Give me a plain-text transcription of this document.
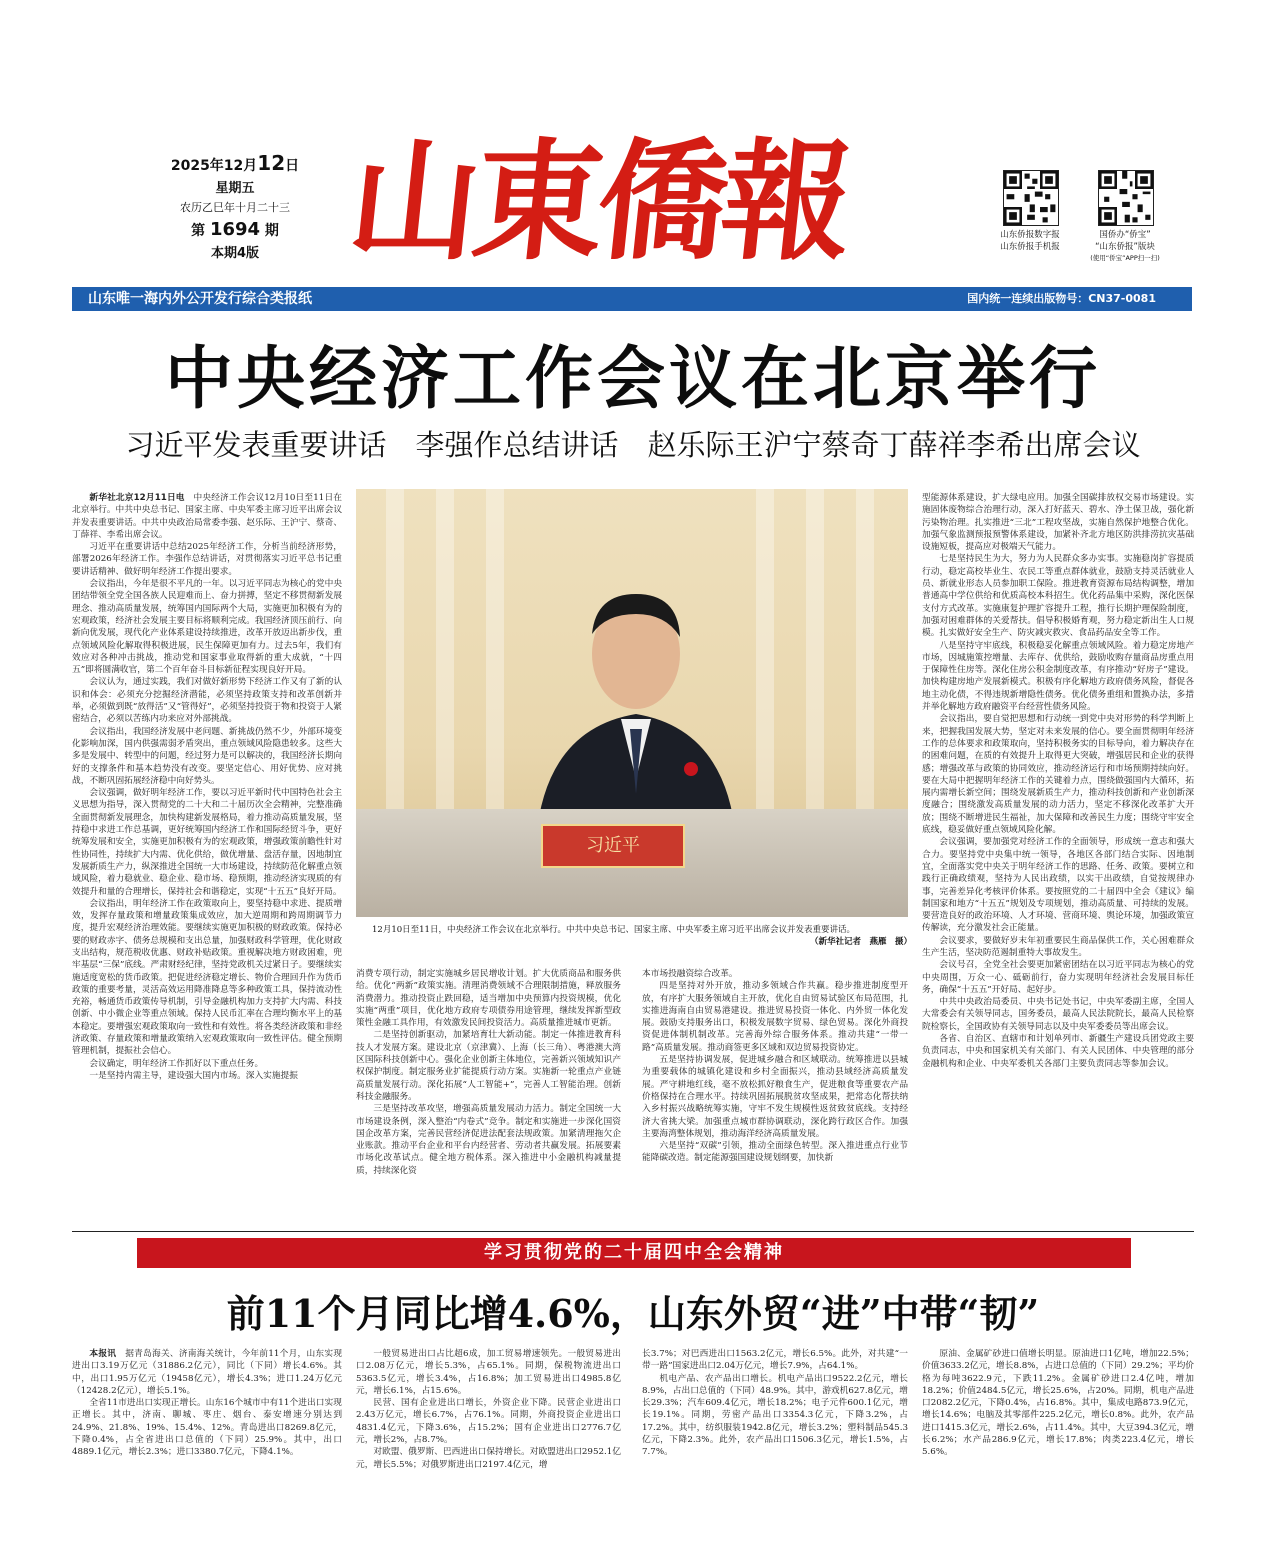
2025年12月12日
星期五
农历乙巳年十月二十三
第 1694 期
本期4版 山東僑報	山东侨报数字报
山东侨报手机报
国侨办“侨宝”
“山东侨报”版块
(使用“侨宝”APP扫一扫)
山东唯一海内外公开发行综合类报纸	国内统一连续出版物号：CN37-0081
中央经济工作会议在北京举行
习近平发表重要讲话　李强作总结讲话　赵乐际王沪宁蔡奇丁薛祥李希出席会议

新华社北京12月11日电　 中央经济工作会议12月10日至11日在北京举行。中共中央总书记、国家主席、中央军委主席习近平出席会议并发表重要讲话。中共中央政治局常委李强、赵乐际、王沪宁、蔡奇、丁薛祥、李希出席会议。

习近平在重要讲话中总结2025年经济工作，分析当前经济形势，部署2026年经济工作。李强作总结讲话，对贯彻落实习近平总书记重要讲话精神、做好明年经济工作提出要求。

会议指出，今年是很不平凡的一年。以习近平同志为核心的党中央团结带领全党全国各族人民迎难而上、奋力拼搏，坚定不移贯彻新发展理念、推动高质量发展，统筹国内国际两个大局，实施更加积极有为的宏观政策，经济社会发展主要目标将顺利完成。我国经济顶压前行、向新向优发展，现代化产业体系建设持续推进，改革开放迈出新步伐，重点领域风险化解取得积极进展，民生保障更加有力。过去5年，我们有效应对各种冲击挑战，推动党和国家事业取得新的重大成就，“十四五”即将圆满收官，第二个百年奋斗目标新征程实现良好开局。

会议认为，通过实践，我们对做好新形势下经济工作又有了新的认识和体会：必须充分挖掘经济潜能，必须坚持政策支持和改革创新并举，必须做到既“放得活”又“管得好”，必须坚持投资于物和投资于人紧密结合，必须以苦练内功来应对外部挑战。

会议指出，我国经济发展中老问题、新挑战仍然不少，外部环境变化影响加深，国内供强需弱矛盾突出，重点领域风险隐患较多。这些大多是发展中、转型中的问题，经过努力是可以解决的，我国经济长期向好的支撑条件和基本趋势没有改变。要坚定信心、用好优势、应对挑战，不断巩固拓展经济稳中向好势头。

会议强调，做好明年经济工作，要以习近平新时代中国特色社会主义思想为指导，深入贯彻党的二十大和二十届历次全会精神，完整准确全面贯彻新发展理念，加快构建新发展格局，着力推动高质量发展，坚持稳中求进工作总基调，更好统筹国内经济工作和国际经贸斗争，更好统筹发展和安全，实施更加积极有为的宏观政策，增强政策前瞻性针对性协同性，持续扩大内需、优化供给，做优增量、盘活存量，因地制宜发展新质生产力，纵深推进全国统一大市场建设，持续防范化解重点领域风险，着力稳就业、稳企业、稳市场、稳预期，推动经济实现质的有效提升和量的合理增长，保持社会和谐稳定，实现“十五五”良好开局。

会议指出，明年经济工作在政策取向上，要坚持稳中求进、提质增效，发挥存量政策和增量政策集成效应，加大逆周期和跨周期调节力度，提升宏观经济治理效能。要继续实施更加积极的财政政策。保持必要的财政赤字、债务总规模和支出总量，加强财政科学管理，优化财政支出结构，规范税收优惠、财政补贴政策。重视解决地方财政困难，兜牢基层“三保”底线。严肃财经纪律，坚持党政机关过紧日子。要继续实施适度宽松的货币政策。把促进经济稳定增长、物价合理回升作为货币政策的重要考量，灵活高效运用降准降息等多种政策工具，保持流动性充裕，畅通货币政策传导机制，引导金融机构加力支持扩大内需、科技创新、中小微企业等重点领域。保持人民币汇率在合理均衡水平上的基本稳定。要增强宏观政策取向一致性和有效性。将各类经济政策和非经济政策、存量政策和增量政策纳入宏观政策取向一致性评估。健全预期管理机制，提振社会信心。

会议确定，明年经济工作抓好以下重点任务。

一是坚持内需主导，建设强大国内市场。深入实施提振

习近平
12月10日至11日，中央经济工作会议在北京举行。中共中央总书记、国家主席、中央军委主席习近平出席会议并发表重要讲话。
（新华社记者　燕雁　摄）

消费专项行动，制定实施城乡居民增收计划。扩大优质商品和服务供给。优化“两新”政策实施。清理消费领域不合理限制措施，释放服务消费潜力。推动投资止跌回稳，适当增加中央预算内投资规模，优化实施“两重”项目，优化地方政府专项债券用途管理，继续发挥新型政策性金融工具作用，有效激发民间投资活力。高质量推进城市更新。

二是坚持创新驱动，加紧培育壮大新动能。制定一体推进教育科技人才发展方案。建设北京（京津冀）、上海（长三角）、粤港澳大湾区国际科技创新中心。强化企业创新主体地位，完善新兴领域知识产权保护制度。制定服务业扩能提质行动方案。实施新一轮重点产业链高质量发展行动。深化拓展“人工智能+”，完善人工智能治理。创新科技金融服务。

三是坚持改革攻坚，增强高质量发展动力活力。制定全国统一大市场建设条例，深入整治“内卷式”竞争。制定和实施进一步深化国资国企改革方案，完善民营经济促进法配套法规政策。加紧清理拖欠企业账款。推动平台企业和平台内经营者、劳动者共赢发展。拓展要素市场化改革试点。健全地方税体系。深入推进中小金融机构减量提质，持续深化资

本市场投融资综合改革。

四是坚持对外开放，推动多领域合作共赢。稳步推进制度型开放，有序扩大服务领域自主开放，优化自由贸易试验区布局范围，扎实推进海南自由贸易港建设。推进贸易投资一体化、内外贸一体化发展。鼓励支持服务出口，积极发展数字贸易、绿色贸易。深化外商投资促进体制机制改革。完善海外综合服务体系。推动共建“一带一路”高质量发展。推动商签更多区域和双边贸易投资协定。

五是坚持协调发展，促进城乡融合和区域联动。统筹推进以县城为重要载体的城镇化建设和乡村全面振兴，推动县域经济高质量发展。严守耕地红线，毫不放松抓好粮食生产，促进粮食等重要农产品价格保持在合理水平。持续巩固拓展脱贫攻坚成果，把常态化帮扶纳入乡村振兴战略统筹实施，守牢不发生规模性返贫致贫底线。支持经济大省挑大梁。加强重点城市群协调联动，深化跨行政区合作。加强主要海湾整体规划，推动海洋经济高质量发展。

六是坚持“双碳”引领，推动全面绿色转型。深入推进重点行业节能降碳改造。制定能源强国建设规划纲要，加快新

型能源体系建设，扩大绿电应用。加强全国碳排放权交易市场建设。实施固体废物综合治理行动，深入打好蓝天、碧水、净土保卫战，强化新污染物治理。扎实推进“三北”工程攻坚战，实施自然保护地整合优化。加强气象监测预报预警体系建设，加紧补齐北方地区防洪排涝抗灾基础设施短板，提高应对极端天气能力。

七是坚持民生为大，努力为人民群众多办实事。实施稳岗扩容提质行动，稳定高校毕业生、农民工等重点群体就业，鼓励支持灵活就业人员、新就业形态人员参加职工保险。推进教育资源布局结构调整，增加普通高中学位供给和优质高校本科招生。优化药品集中采购，深化医保支付方式改革。实施康复护理扩容提升工程，推行长期护理保险制度，加强对困难群体的关爱帮扶。倡导积极婚育观，努力稳定新出生人口规模。扎实做好安全生产、防灾减灾救灾、食品药品安全等工作。

八是坚持守牢底线，积极稳妥化解重点领域风险。着力稳定房地产市场，因城施策控增量、去库存、优供给，鼓励收购存量商品房重点用于保障性住房等。深化住房公积金制度改革，有序推动“好房子”建设。加快构建房地产发展新模式。积极有序化解地方政府债务风险，督促各地主动化债，不得违规新增隐性债务。优化债务重组和置换办法，多措并举化解地方政府融资平台经营性债务风险。

会议指出，要自觉把思想和行动统一到党中央对形势的科学判断上来，把握我国发展大势，坚定对未来发展的信心。要全面贯彻明年经济工作的总体要求和政策取向，坚持积极务实的目标导向，着力解决存在的困难问题，在质的有效提升上取得更大突破，增强居民和企业的获得感；增强改革与政策的协同效应，推动经济运行和市场预期持续向好。要在大局中把握明年经济工作的关键着力点，围绕做强国内大循环，拓展内需增长新空间；围绕发展新质生产力，推动科技创新和产业创新深度融合；围绕激发高质量发展的动力活力，坚定不移深化改革扩大开放；围绕不断增进民生福祉，加大保障和改善民生力度；围绕守牢安全底线，稳妥做好重点领域风险化解。

会议强调，要加强党对经济工作的全面领导，形成统一意志和强大合力。要坚持党中央集中统一领导，各地区各部门结合实际、因地制宜，全面落实党中央关于明年经济工作的思路、任务、政策。要树立和践行正确政绩观，坚持为人民出政绩，以实干出政绩，自觉按规律办事，完善差异化考核评价体系。要按照党的二十届四中全会《建议》编制国家和地方“十五五”规划及专项规划，推动高质量、可持续的发展。要营造良好的政治环境、人才环境、营商环境、舆论环境，加强政策宣传解读，充分激发社会正能量。

会议要求，要做好岁末年初重要民生商品保供工作，关心困难群众生产生活，坚决防范遏制重特大事故发生。

会议号召，全党全社会要更加紧密团结在以习近平同志为核心的党中央周围，万众一心、砥砺前行，奋力实现明年经济社会发展目标任务，确保“十五五”开好局、起好步。

中共中央政治局委员、中央书记处书记，中央军委副主席，全国人大常委会有关领导同志，国务委员，最高人民法院院长，最高人民检察院检察长，全国政协有关领导同志以及中央军委委员等出席会议。

各省、自治区、直辖市和计划单列市、新疆生产建设兵团党政主要负责同志，中央和国家机关有关部门、有关人民团体、中央管理的部分金融机构和企业、中央军委机关各部门主要负责同志等参加会议。

学习贯彻党的二十届四中全会精神
前11个月同比增4.6%，山东外贸“进”中带“韧”

本报讯　 据青岛海关、济南海关统计，今年前11个月，山东实现进出口3.19万亿元（31886.2亿元），同比（下同）增长4.6%。其中，出口1.95万亿元（19458亿元），增长4.3%；进口1.24万亿元（12428.2亿元），增长5.1%。

全省11市进出口实现正增长。山东16个城市中有11个进出口实现正增长。其中，济南、聊城、枣庄、烟台、泰安增速分别达到24.9%、21.8%、19%、15.4%、12%。青岛进出口8269.8亿元，下降0.4%，占全省进出口总值的（下同）25.9%。其中，出口4889.1亿元，增长2.3%；进口3380.7亿元，下降4.1%。

一般贸易进出口占比超6成，加工贸易增速领先。一般贸易进出口2.08万亿元，增长5.3%，占65.1%。同期，保税物流进出口5363.5亿元，增长3.4%，占16.8%；加工贸易进出口4985.8亿元，增长6.1%，占15.6%。

民营、国有企业进出口增长，外资企业下降。民营企业进出口2.43万亿元，增长6.7%，占76.1%。同期，外商投资企业进出口4831.4亿元，下降3.6%，占15.2%；国有企业进出口2776.7亿元，增长2%，占8.7%。

对欧盟、俄罗斯、巴西进出口保持增长。对欧盟进出口2952.1亿元，增长5.5%；对俄罗斯进出口2197.4亿元，增

长3.7%；对巴西进出口1563.2亿元，增长6.5%。此外，对共建“一带一路”国家进出口2.04万亿元，增长7.9%，占64.1%。

机电产品、农产品出口增长。机电产品出口9522.2亿元，增长8.9%，占出口总值的（下同）48.9%。其中，游戏机627.8亿元，增长29.3%；汽车609.4亿元，增长18.2%；电子元件600.1亿元，增长19.1%。同期，劳密产品出口3354.3亿元，下降3.2%，占17.2%。其中，纺织服装1942.8亿元，增长3.2%；塑料制品545.3亿元，下降2.3%。此外，农产品出口1506.3亿元，增长1.5%，占7.7%。

原油、金属矿砂进口值增长明显。原油进口1亿吨，增加22.5%；价值3633.2亿元，增长8.8%，占进口总值的（下同）29.2%；平均价格为每吨3622.9元，下跌11.2%。金属矿砂进口2.4亿吨，增加18.2%；价值2484.5亿元，增长25.6%，占20%。同期，机电产品进口2082.2亿元，下降0.4%，占16.8%。其中，集成电路873.9亿元，增长14.6%；电脑及其零部件225.2亿元，增长0.8%。此外，农产品进口1415.3亿元，增长2.6%，占11.4%。其中，大豆394.3亿元，增长6.2%；水产品286.9亿元，增长17.8%；肉类223.4亿元，增长5.6%。
